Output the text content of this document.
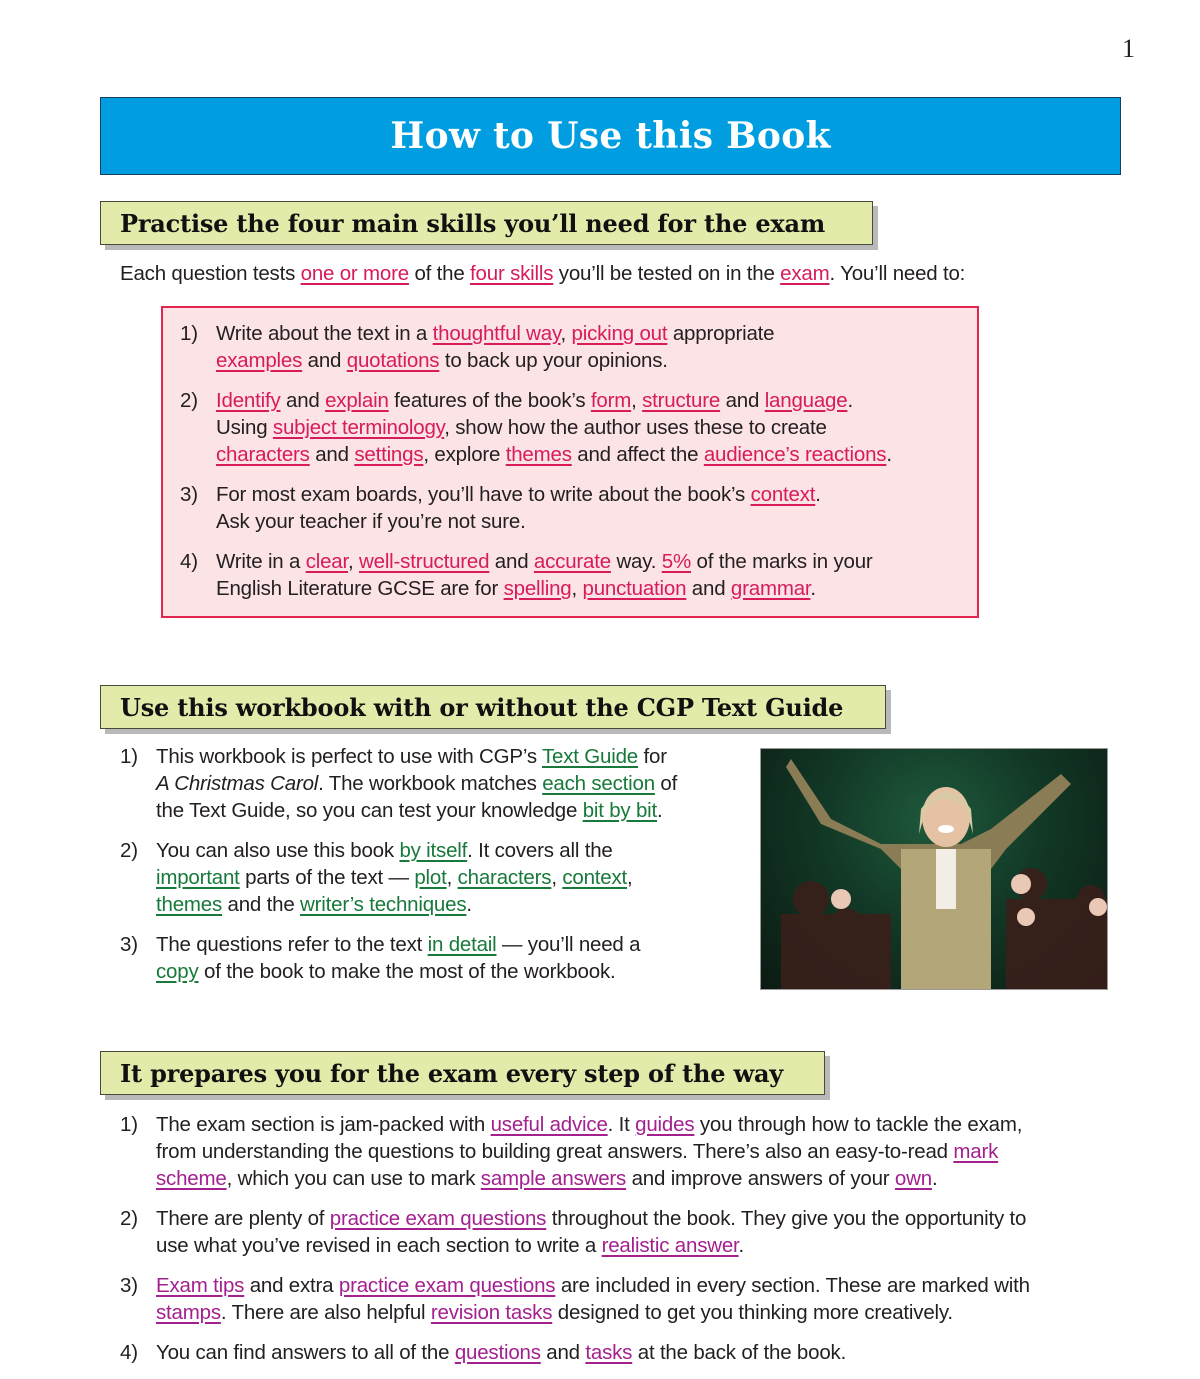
1
How to Use this Book
Practise the four main skills you’ll need for the exam
Each question tests one or more of the four skills you’ll be tested on in the exam. You’ll need to:
1) Write about the text in a thoughtful way, picking out appropriate
examples and quotations to back up your opinions.
2) Identify and explain features of the book’s form, structure and language.
Using subject terminology, show how the author uses these to create
characters and settings, explore themes and affect the audience’s reactions.
3) For most exam boards, you’ll have to write about the book’s context.
Ask your teacher if you’re not sure.
4) Write in a clear, well-structured and accurate way. 5% of the marks in your
English Literature GCSE are for spelling, punctuation and grammar.
Use this workbook with or without the CGP Text Guide
1) This workbook is perfect to use with CGP’s Text Guide for
A Christmas Carol. The workbook matches each section of
the Text Guide, so you can test your knowledge bit by bit.
2) You can also use this book by itself. It covers all the
important parts of the text — plot, characters, context,
themes and the writer’s techniques.
3) The questions refer to the text in detail — you’ll need a
copy of the book to make the most of the workbook.
It prepares you for the exam every step of the way
1) The exam section is jam-packed with useful advice. It guides you through how to tackle the exam,
from understanding the questions to building great answers. There’s also an easy-to-read mark
scheme, which you can use to mark sample answers and improve answers of your own.
2) There are plenty of practice exam questions throughout the book. They give you the opportunity to
use what you’ve revised in each section to write a realistic answer.
3) Exam tips and extra practice exam questions are included in every section. These are marked with
stamps. There are also helpful revision tasks designed to get you thinking more creatively.
4) You can find answers to all of the questions and tasks at the back of the book.
